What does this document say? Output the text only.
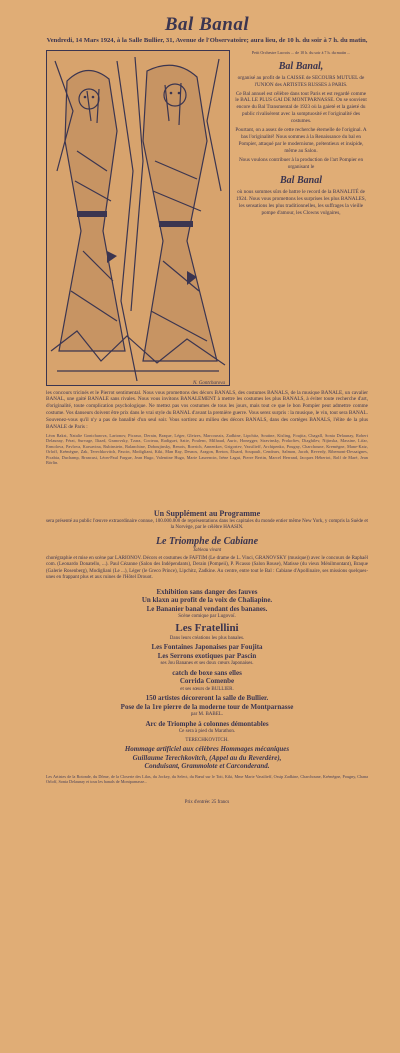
Bal Banal
Vendredi, 14 Mars 1924, à la Salle Bullier, 31, Avenue de l'Observatoire; aura lieu, de 10 h. du soir à 7 h. du matin,
N. Gontcharova
Petit Orchestre Lacroix ... de 10 h. du soir à 7 h. du matin ...
Bal Banal,

organisé au profit de la CAISSE de SECOURS MUTUEL de l'UNION des ARTISTES RUSSES à PARIS.

Ce Bal annuel est célèbre dans tout Paris et est regardé comme le BAL LE PLUS GAI DE MONTPARNASSE. On se souvient encore du Bal Transmental de 1923 où la gaieté et la gaieté du public rivalisèrent avec la somptuosité et l'originalité des costumes.

Pourtant, on a assez de cette recherche éternelle de l'original. A bas l'originalité! Nous sommes à la Renaissance du bal en Pompier, attaqué par le modernisme, prétentieux et insipide, même au Salon.

Nous voulons contribuer à la production de l'art Pompier en organisant le

Bal Banal

où nous sommes sûrs de battre le record de la BANALITÉ de 1924. Nous vous promettons les surprises les plus BANALES, les sensations les plus traditionnelles, les suffrages la vieille pompe d'amour, les Clowns vulgaires,

les concours tricinés et le Pierrot sentimental. Nous vous promettons des décors BANALS, des costumes BANALS, de la musique BANALE, un cavalier BANAL, une gaité BANALE sans rivales. Nous vous invitons BANALEMENT à mettre les costumes les plus BANALS, à éviter toute recherche d'art, d'originalité, toute complication psychologique. Ne mettez pas vos costumes de tous les jours, mais tout ce que le bon Pompier peut admettre comme costume. Vos danseurs doivent être prix dans le vrai style du BANAL d'avant la première guerre. Vous serez surpris : la musique, le vin, tout sera BANAL. Souvenez-vous qu'il n'y a pas de banalité d'un seul soir. Vous sortirez au milieu des décors BANALS, dans des cortèges BANALS, l'élite de la plus BANALE de Paris :
Léon Bakst, Natalie Gontcharova, Larionov, Picasso, Derain, Braque, Léger, Gleizes, Marcoussis, Zadkine, Lipchitz, Soutine, Kisling, Foujita, Chagall, Sonia Delaunay, Robert Delaunay, Férat, Survage, Iliazd, Granovsky, Tzara, Cocteau, Radiguet, Satie, Poulenc, Milhaud, Auric, Honegger, Stravinsky, Prokofiev, Diaghilev, Nijinska, Massine, Lifar, Ermolova, Pavlova, Karsavina, Rubinstein, Balanchine, Doboujinsky, Benois, Roerich, Annenkov, Grigoriev, Vassilieff, Archipenko, Pougny, Charchoune, Kremègne, Mane-Katz, Orloff, Krémègne, Zak, Terechkovitch, Pascin, Modigliani, Kiki, Man Ray, Desnos, Aragon, Breton, Éluard, Soupault, Cendrars, Salmon, Jacob, Reverdy, Ribemont-Dessaignes, Picabia, Duchamp, Brancusi, Léon-Paul Fargue, Jean Hugo, Valentine Hugo, Marie Laurencin, Irène Lagut, Pierre Bertin, Marcel Herrand, Jacques Hébertot, Rolf de Maré, Jean Börlin.
Un Supplément au Programme
sera présenté au public l'œuvre extraordinaire connue, 100.000.000 de représentations dans les capitales du monde entier même New York, y compris la Suède et la Norvège, par le célèbre HAASIN.
Le Triomphe de Cabiane
Tableau vivant
chorégraphie et mise en scène par LARIONOV. Décors et costumes de FAFTIM (Le drame de L. Vinci, GRANOVSKY (musique)) avec le concours de Raphaël com. (Leonardo Donatello, ...). Paul Cézanne (Salon des Indépendants), Derain (Pompeii), P. Picasso (Salon Rouse), Matisse (du vieux Ménilmontant), Braque (Galerie Rosenberg), Modigliani (Le ...), Léger (le Greco Prince), Lipchitz, Zadkine. Au centre, entre tout le Bal : Cabiane d'Apollinaire, ses missions quelques-unes en frappant plus et aux ruines de l'Hôtel Drouot.
Exhibition sans danger des fauves
Un klaxn au profit de la voix de Chaliapine.
Le Bananier banal vendant des bananes.
Scène comique par Lugovoï.
Les Fratellini
Dans leurs créations les plus banales.
Les Fontaines Japonaises par Foujita
Les Serrons exotiques par Pascin
ses Jou Bananes et ses doux cœurs Japonaises.
catch de boxe sans elles
Corrida Comenbe
et ses sœurs de BULLIER.
150 artistes décoreront la salle de Bullier.
Pose de la 1re pierre de la moderne tour de Montparnasse
par M. BABEL.
Arc de Triomphe à colonnes démontables
Ce sera à pied du Marathon.
TERECHKOVITCH.
Hommage artificiel aux célèbres Hommages mécaniques
Guillaume Terechkovitch, (Appel au du Reverdère),
Conduisant, Grammolote et Carconderand.
Les Artistes de la Rotonde, du Dôme, de la Closerie des Lilas, du Jockey, du Select, du Bœuf sur le Toit, Kiki, Mme Marie Vassilieff, Ossip Zadkine, Charchoune, Krémègne, Pougny, Chana Orloff, Sonia Delaunay et tous les banals de Montparnasse...
Prix d'entrée: 25 francs
